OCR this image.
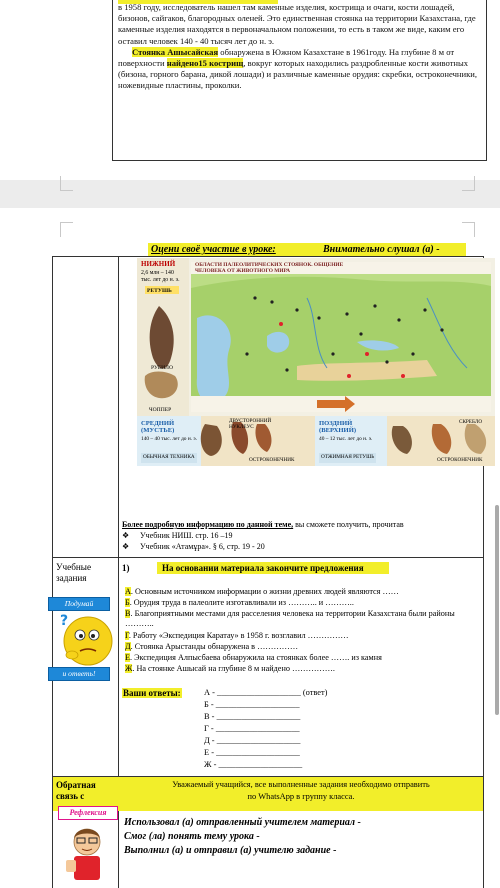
в 1958 году, исследователь нашел там каменные изделия, кострища и очаги, кости лошадей, бизонов, сайгаков, благородных оленей. Это единственная стоянка на территории Казахстана, где каменные изделия находятся в первоначальном положении, то есть в таком же виде, каким его оставил человек 140 - 40 тысяч лет до н. э.
Стоянка Ашысайская обнаружена в Южном Казахстане в 1961году. На глубине 8 м от поверхности найдено15 кострищ, вокруг которых находились раздробленные кости животных (бизона, горного барана, дикой лошади) и различные каменные орудия: скребки, остроконечники, ножевидные пластины, проколки.
Оцени своё участие в уроке:	Внимательно слушал (а) -
НИЖНИЙ
2,6 млн – 140 тыс. лет до н. э.
РЕТУШЬ
РУБИЛО
ЧОППЕР
ОБЛАСТИ ПАЛЕОЛИТИЧЕСКИХ СТОЯНОК. ОБЩЕНИЕ ЧЕЛОВЕКА ОТ ЖИВОТНОГО МИРА
СРЕДНИЙ (МУСТЬЕ)
140 – 40 тыс. лет до н. э.
ОБЫЧНАЯ ТЕХНИКА
ДВУСТОРОННИЙ НУКЛЕУС
ОСТРОКОНЕЧНИК
ПОЗДНИЙ (ВЕРХНИЙ)
40 – 12 тыс. лет до н. э.
ОТЖИМНАЯ РЕТУШЬ
СКРЕБЛО
ОСТРОКОНЕЧНИК
Более подробную информацию по данной теме, вы сможете получить, прочитав
❖ Учебник НИШ. стр. 16 –19
❖ Учебник «Атамұра». § 6, стр. 19 - 20
Учебные задания
Подумай
?
и ответь!
1)	На основании материала закончите предложения
А. Основным источником информации о жизни древних людей являются ……
Б. Орудия труда в палеолите изготавливали из ……….. и ………..
В. Благоприятными местами для расселения человека на территории Казахстана были районы ………..
Г. Работу «Экспедиция Каратау» в 1958 г. возглавил ……………
Д. Стоянка Арыстанды обнаружена в ……………
Е. Экспедиция Алпысбаева обнаружила на стоянках более ……. из камня
Ж. На стоянке Ашысай на глубине 8 м найдено …………….
Ваши ответы:	А - ____________________ (ответ)
Б - ____________________
В - ____________________
Г - ____________________
Д - ____________________
Е - ____________________
Ж - ____________________
Обратная связь с
Уважаемый учащийся, все выполненные задания необходимо отправить
по WhatsApp в группу класса.
Рефлексия
Использовал (а) отправленный учителем материал -
Смог (ла) понять тему урока -
Выполнил (а) и отправил (а) учителю задание -
